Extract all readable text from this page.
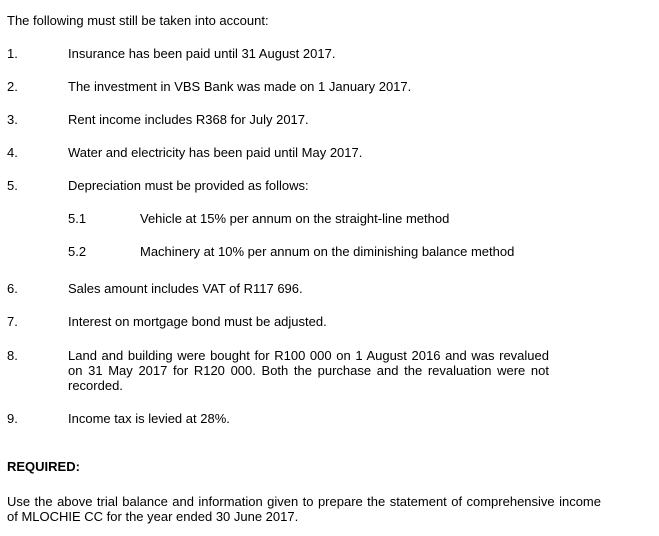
The following must still be taken into account:
1.	Insurance has been paid until 31 August 2017.
2.	The investment in VBS Bank was made on 1 January 2017.
3.	Rent income includes R368 for July 2017.
4.	Water and electricity has been paid until May 2017.
5.	Depreciation must be provided as follows:
5.1	Vehicle at 15% per annum on the straight-line method
5.2	Machinery at 10% per annum on the diminishing balance method
6.	Sales amount includes VAT of R117 696.
7.	Interest on mortgage bond must be adjusted.
8.	Land and building were bought for R100 000 on 1 August 2016 and was revalued on 31 May 2017 for R120 000. Both the purchase and the revaluation were not recorded.
9.	Income tax is levied at 28%.
REQUIRED:
Use the above trial balance and information given to prepare the statement of comprehensive income of MLOCHIE CC for the year ended 30 June 2017.
